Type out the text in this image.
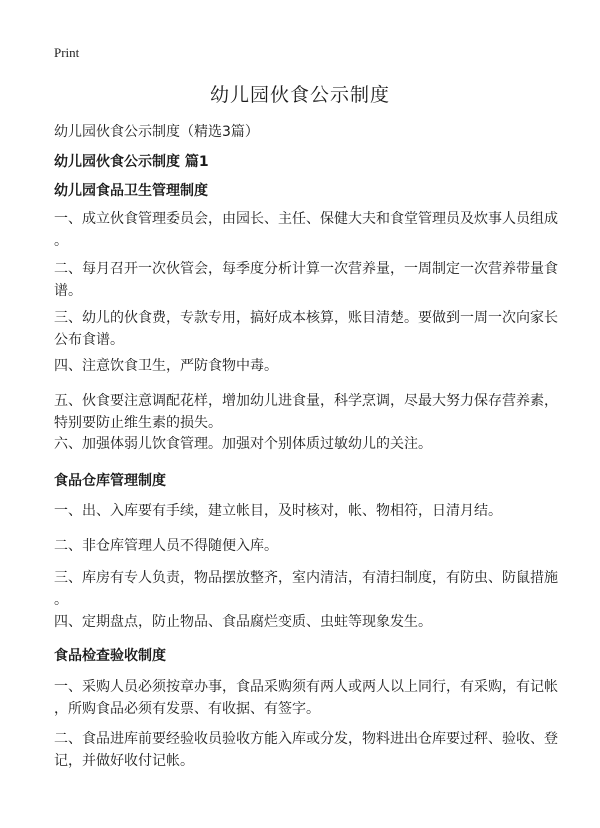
Print
幼儿园伙食公示制度
幼儿园伙食公示制度（精选3篇）
幼儿园伙食公示制度 篇1
幼儿园食品卫生管理制度
一、成立伙食管理委员会，由园长、主任、保健大夫和食堂管理员及炊事人员组成
。
二、每月召开一次伙管会，每季度分析计算一次营养量，一周制定一次营养带量食
谱。
三、幼儿的伙食费，专款专用，搞好成本核算，账目清楚。要做到一周一次向家长
公布食谱。
四、注意饮食卫生，严防食物中毒。
五、伙食要注意调配花样，增加幼儿进食量，科学烹调，尽最大努力保存营养素，
特别要防止维生素的损失。
六、加强体弱儿饮食管理。加强对个别体质过敏幼儿的关注。
食品仓库管理制度
一、出、入库要有手续，建立帐目，及时核对，帐、物相符，日清月结。
二、非仓库管理人员不得随便入库。
三、库房有专人负责，物品摆放整齐，室内清洁，有清扫制度，有防虫、防鼠措施
。
四、定期盘点，防止物品、食品腐烂变质、虫蛀等现象发生。
食品检查验收制度
一、采购人员必须按章办事，食品采购须有两人或两人以上同行，有采购，有记帐
，所购食品必须有发票、有收据、有签字。
二、食品进库前要经验收员验收方能入库或分发，物料进出仓库要过秤、验收、登
记，并做好收付记帐。
